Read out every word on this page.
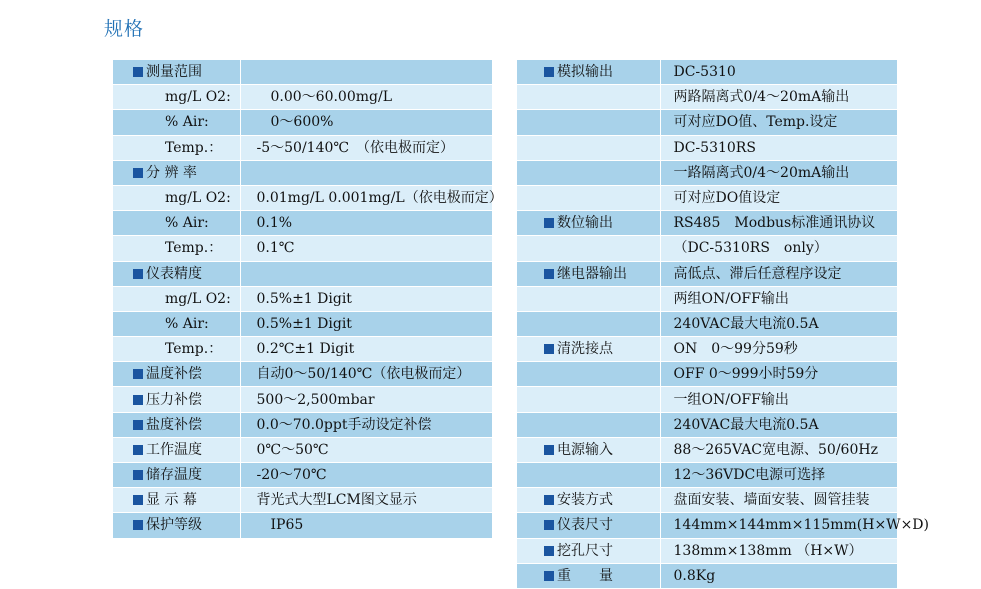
规格
测量范围	
mg/L O2:	　0.00～60.00mg/L
% Air:	　0～600%
Temp.：	-5～50/140℃　（依电极而定）
分 辨 率	
mg/L O2:	0.01mg/L 0.001mg/L（依电极而定）
% Air:	0.1%
Temp.：	0.1℃
仪表精度	
mg/L O2:	0.5%±1 Digit
% Air:	0.5%±1 Digit
Temp.：	0.2℃±1 Digit
温度补偿	自动0～50/140℃（依电极而定）
压力补偿	500～2,500mbar
盐度补偿	0.0～70.0ppt手动设定补偿
工作温度	0℃～50℃
储存温度	-20～70℃
显 示 幕	背光式大型LCM图文显示
保护等级	　IP65
模拟输出	DC-5310
	两路隔离式0/4～20mA输出
	可对应DO值、Temp.设定
	DC-5310RS
	一路隔离式0/4～20mA输出
	可对应DO值设定
数位输出	RS485　Modbus标准通讯协议
	（DC-5310RS　only）
继电器输出	高低点、滞后任意程序设定
	两组ON/OFF输出
	240VAC最大电流0.5A
清洗接点	ON　0～99分59秒
	OFF 0～999小时59分
	一组ON/OFF输出
	240VAC最大电流0.5A
电源输入	88～265VAC宽电源、50/60Hz
	12～36VDC电源可选择
安装方式	盘面安装、墙面安装、圆管挂装
仪表尺寸	144mm×144mm×115mm(H×W×D)
挖孔尺寸	138mm×138mm （H×W）
重　　量	0.8Kg
